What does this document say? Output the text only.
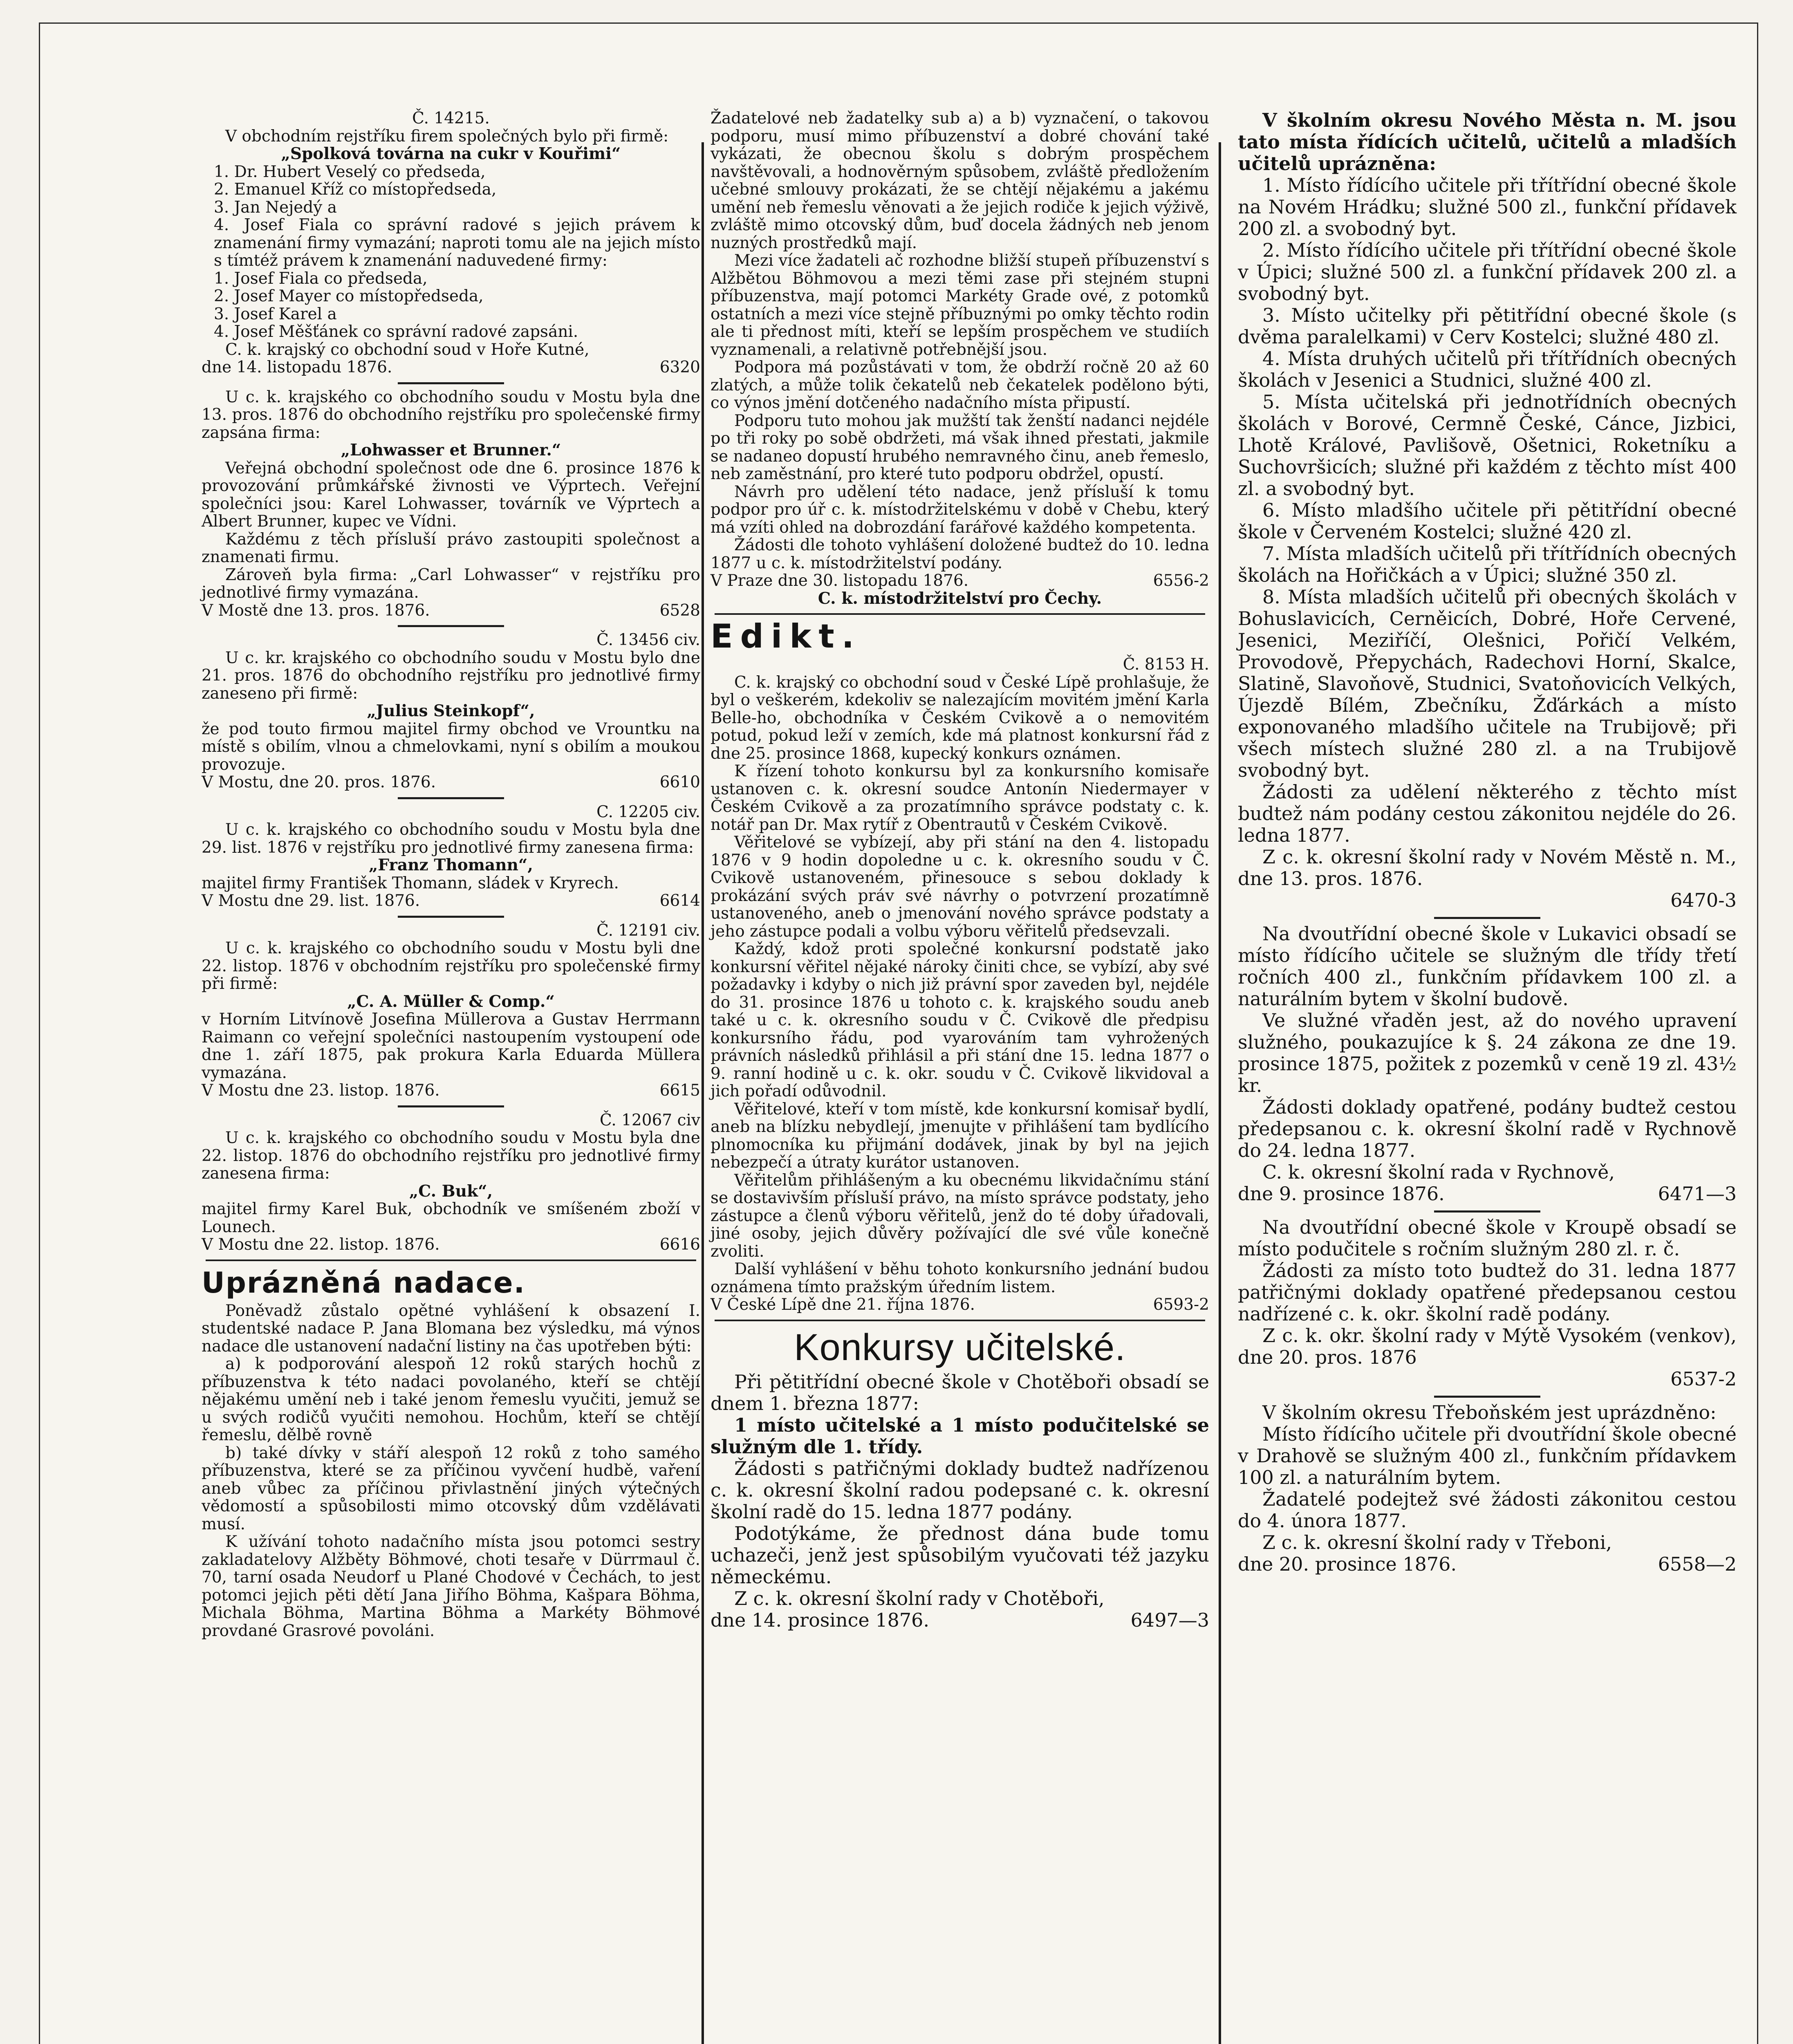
Č. 14215.

V obchodním rejstříku firem společných bylo při firmě:

„Spolková továrna na cukr v Kouřimi“

1. Dr. Hubert Veselý co předseda,
2. Emanuel Kříž co místopředseda,
3. Jan Nejedý a
4. Josef Fiala co správní radové s jejich právem k znamenání firmy vymazání; naproti tomu ale na jejich místo s tímtéž právem k znamenání naduvedené firmy:
1. Josef Fiala co předseda,
2. Josef Mayer co místopředseda,
3. Josef Karel a
4. Josef Měšťánek co správní radové zapsáni.

C. k. krajský co obchodní soud v Hoře Kutné,

dne 14. listopadu 1876.	6320

U c. k. krajského co obchodního soudu v Mostu byla dne 13. pros. 1876 do obchodního rejstříku pro společenské firmy zapsána firma:

„Lohwasser et Brunner.“

Veřejná obchodní společnost ode dne 6. prosince 1876 k provozování průmkářské živnosti ve Výprtech. Veřejní společníci jsou: Karel Lohwasser, továrník ve Výprtech a Albert Brunner, kupec ve Vídni.

Každému z těch přísluší právo zastoupiti společnost a znamenati firmu.

Zároveň byla firma: „Carl Lohwasser“ v rejstříku pro jednotlivé firmy vymazána.

V Mostě dne 13. pros. 1876.	6528

Č. 13456 civ.

U c. kr. krajského co obchodního soudu v Mostu bylo dne 21. pros. 1876 do obchodního rejstříku pro jednotlivé firmy zaneseno při firmě:

„Julius Steinkopf“,

že pod touto firmou majitel firmy obchod ve Vrountku na místě s obilím, vlnou a chmelovkami, nyní s obilím a moukou provozuje.

V Mostu, dne 20. pros. 1876.	6610

C. 12205 civ.

U c. k. krajského co obchodního soudu v Mostu byla dne 29. list. 1876 v rejstříku pro jednotlivé firmy zanesena firma:

„Franz Thomann“,

majitel firmy František Thomann, sládek v Kryrech.

V Mostu dne 29. list. 1876.	6614

Č. 12191 civ.

U c. k. krajského co obchodního soudu v Mostu byli dne 22. listop. 1876 v obchodním rejstříku pro společenské firmy při firmě:

„C. A. Müller & Comp.“

v Horním Litvínově Josefina Müllerova a Gustav Herrmann Raimann co veřejní společníci nastoupením vystoupení ode dne 1. září 1875, pak prokura Karla Eduarda Müllera vymazána.

V Mostu dne 23. listop. 1876.	6615

Č. 12067 civ

U c. k. krajského co obchodního soudu v Mostu byla dne 22. listop. 1876 do obchodního rejstříku pro jednotlivé firmy zanesena firma:

„C. Buk“,

majitel firmy Karel Buk, obchodník ve smíšeném zboží v Lounech.

V Mostu dne 22. listop. 1876.	6616
Uprázněná nadace.

Poněvadž zůstalo opětné vyhlášení k obsazení I. studentské nadace P. Jana Blomana bez výsledku, má výnos nadace dle ustanovení nadační listiny na čas upotřeben býti:

a) k podporování alespoň 12 roků starých hochů z příbuzenstva k této nadaci povolaného, kteří se chtějí nějakému umění neb i také jenom řemeslu vyučiti, jemuž se u svých rodičů vyučiti nemohou. Hochům, kteří se chtějí řemeslu, dělbě rovně

b) také dívky v stáří alespoň 12 roků z toho samého příbuzenstva, které se za příčinou vyvčení hudbě, vaření aneb vůbec za příčinou přivlastnění jiných výtečných vědomostí a spůsobilosti mimo otcovský dům vzdělávati musí.

K užívání tohoto nadačního místa jsou potomci sestry zakladatelovy Alžběty Böhmové, choti tesaře v Dürrmaul č. 70, tarní osada Neudorf u Plané Chodové v Čechách, to jest potomci jejich pěti dětí Jana Jiřího Böhma, Kašpara Böhma, Michala Böhma, Martina Böhma a Markéty Böhmové provdané Grasrové povoláni.

Žadatelové neb žadatelky sub a) a b) vyznačení, o takovou podporu, musí mimo příbuzenství a dobré chování také vykázati, že obecnou školu s dobrým prospěchem navštěvovali, a hodnověrným spůsobem, zvláště předložením učebné smlouvy prokázati, že se chtějí nějakému a jakému umění neb řemeslu věnovati a že jejich rodiče k jejich výživě, zvláště mimo otcovský dům, buď docela žádných neb jenom nuzných prostředků mají.

Mezi více žadateli ač rozhodne bližší stupeň příbuzenství s Alžbětou Böhmovou a mezi těmi zase při stejném stupni příbuzenstva, mají potomci Markéty Grade ové, z potomků ostatních a mezi více stejně příbuznými po omky těchto rodin ale ti přednost míti, kteří se lepším prospěchem ve studiích vyznamenali, a relativně potřebnější jsou.

Podpora má pozůstávati v tom, že obdrží ročně 20 až 60 zlatých, a může tolik čekatelů neb čekatelek podělono býti, co výnos jmění dotčeného nadačního místa připustí.

Podporu tuto mohou jak mužští tak ženští nadanci nejdéle po tři roky po sobě obdržeti, má však ihned přestati, jakmile se nadaneo dopustí hrubého nemravného činu, aneb řemeslo, neb zaměstnání, pro které tuto podporu obdržel, opustí.

Návrh pro udělení této nadace, jenž přísluší k tomu podpor pro úř c. k. místodržitelskému v době v Chebu, který má vzíti ohled na dobrozdání farářové každého kompetenta.

Žádosti dle tohoto vyhlášení doložené budtež do 10. ledna 1877 u c. k. místodržitelství podány.

V Praze dne 30. listopadu 1876.	6556-2

C. k. místodržitelství pro Čechy.

Edikt.

Č. 8153 H.

C. k. krajský co obchodní soud v České Lípě prohlašuje, že byl o veškerém, kdekoliv se nalezajícím movitém jmění Karla Belle-ho, obchodníka v Českém Cvikově a o nemovitém potud, pokud leží v zemích, kde má platnost konkursní řád z dne 25. prosince 1868, kupecký konkurs oznámen.

K řízení tohoto konkursu byl za konkursního komisaře ustanoven c. k. okresní soudce Antonín Niedermayer v Českém Cvikově a za prozatímního správce podstaty c. k. notář pan Dr. Max rytíř z Obentrautů v Českém Cvikově.

Věřitelové se vybízejí, aby při stání na den 4. listopadu 1876 v 9 hodin dopoledne u c. k. okresního soudu v Č. Cvikově ustanoveném, přinesouce s sebou doklady k prokázání svých práv své návrhy o potvrzení prozatímně ustanoveného, aneb o jmenování nového správce podstaty a jeho zástupce podali a volbu výboru věřitelů předsevzali.

Každý, kdož proti společné konkursní podstatě jako konkursní věřitel nějaké nároky činiti chce, se vybízí, aby své požadavky i kdyby o nich již právní spor zaveden byl, nejdéle do 31. prosince 1876 u tohoto c. k. krajského soudu aneb také u c. k. okresního soudu v Č. Cvikově dle předpisu konkursního řádu, pod vyarováním tam vyhrožených právních následků přihlásil a při stání dne 15. ledna 1877 o 9. ranní hodině u c. k. okr. soudu v Č. Cvikově likvidoval a jich pořadí odůvodnil.

Věřitelové, kteří v tom místě, kde konkursní komisař bydlí, aneb na blízku nebydlejí, jmenujte v přihlášení tam bydlícího plnomocníka ku přijmání dodávek, jinak by byl na jejich nebezpečí a útraty kurátor ustanoven.

Věřitelům přihlášeným a ku obecnému likvidačnímu stání se dostavivším přísluší právo, na místo správce podstaty, jeho zástupce a členů výboru věřitelů, jenž do té doby úřadovali, jiné osoby, jejich důvěry požívající dle své vůle konečně zvoliti.

Další vyhlášení v běhu tohoto konkursního jednání budou oznámena tímto pražským úředním listem.

V České Lípě dne 21. října 1876.	6593-2
Konkursy učitelské.

Při pětitřídní obecné škole v Chotěboři obsadí se dnem 1. března 1877:

1 místo učitelské a 1 místo podučitelské se služným dle 1. třídy.

Žádosti s patřičnými doklady budtež nadřízenou c. k. okresní školní radou podepsané c. k. okresní školní radě do 15. ledna 1877 podány.

Podotýkáme, že přednost dána bude tomu uchazeči, jenž jest spůsobilým vyučovati též jazyku německému.

Z c. k. okresní školní rady v Chotěboři,

dne 14. prosince 1876.	6497—3

V školním okresu Nového Města n. M. jsou tato místa řídících učitelů, učitelů a mladších učitelů uprázněna:

1. Místo řídícího učitele při třítřídní obecné škole na Novém Hrádku; služné 500 zl., funkční přídavek 200 zl. a svobodný byt.

2. Místo řídícího učitele při třítřídní obecné škole v Úpici; služné 500 zl. a funkční přídavek 200 zl. a svobodný byt.

3. Místo učitelky při pětitřídní obecné škole (s dvěma paralelkami) v Cerv Kostelci; služné 480 zl.

4. Místa druhých učitelů při třítřídních obecných školách v Jesenici a Studnici, služné 400 zl.

5. Místa učitelská při jednotřídních obecných školách v Borové, Cermně České, Cánce, Jizbici, Lhotě Králové, Pavlišově, Ošetnici, Roketníku a Suchovršicích; služné při každém z těchto míst 400 zl. a svobodný byt.

6. Místo mladšího učitele při pětitřídní obecné škole v Červeném Kostelci; služné 420 zl.

7. Místa mladších učitelů při třítřídních obecných školách na Hořičkách a v Úpici; služné 350 zl.

8. Místa mladších učitelů při obecných školách v Bohuslavicích, Cerněicích, Dobré, Hoře Cervené, Jesenici, Meziříčí, Olešnici, Pořičí Velkém, Provodově, Přepychách, Radechovi Horní, Skalce, Slatině, Slavoňově, Studnici, Svatoňovicích Velkých, Újezdě Bílém, Zbečníku, Žďárkách a místo exponovaného mladšího učitele na Trubijově; při všech místech služné 280 zl. a na Trubijově svobodný byt.

Žádosti za udělení některého z těchto míst budtež nám podány cestou zákonitou nejdéle do 26. ledna 1877.

Z c. k. okresní školní rady v Novém Městě n. M., dne 13. pros. 1876.

6470-3

Na dvoutřídní obecné škole v Lukavici obsadí se místo řídícího učitele se služným dle třídy třetí ročních 400 zl., funkčním přídavkem 100 zl. a naturálním bytem v školní budově.

Ve služné vřaděn jest, až do nového upravení služného, poukazujíce k §. 24 zákona ze dne 19. prosince 1875, požitek z pozemků v ceně 19 zl. 43½ kr.

Žádosti doklady opatřené, podány budtež cestou předepsanou c. k. okresní školní radě v Rychnově do 24. ledna 1877.

C. k. okresní školní rada v Rychnově,

dne 9. prosince 1876.	6471—3

Na dvoutřídní obecné škole v Kroupě obsadí se místo podučitele s ročním služným 280 zl. r. č.

Žádosti za místo toto budtež do 31. ledna 1877 patřičnými doklady opatřené předepsanou cestou nadřízené c. k. okr. školní radě podány.

Z c. k. okr. školní rady v Mýtě Vysokém (venkov), dne 20. pros. 1876

6537-2

V školním okresu Třeboňském jest uprázdněno:

Místo řídícího učitele při dvoutřídní škole obecné v Drahově se služným 400 zl., funkčním přídavkem 100 zl. a naturálním bytem.

Žadatelé podejtež své žádosti zákonitou cestou do 4. února 1877.

Z c. k. okresní školní rady v Třeboni,

dne 20. prosince 1876.	6558—2
